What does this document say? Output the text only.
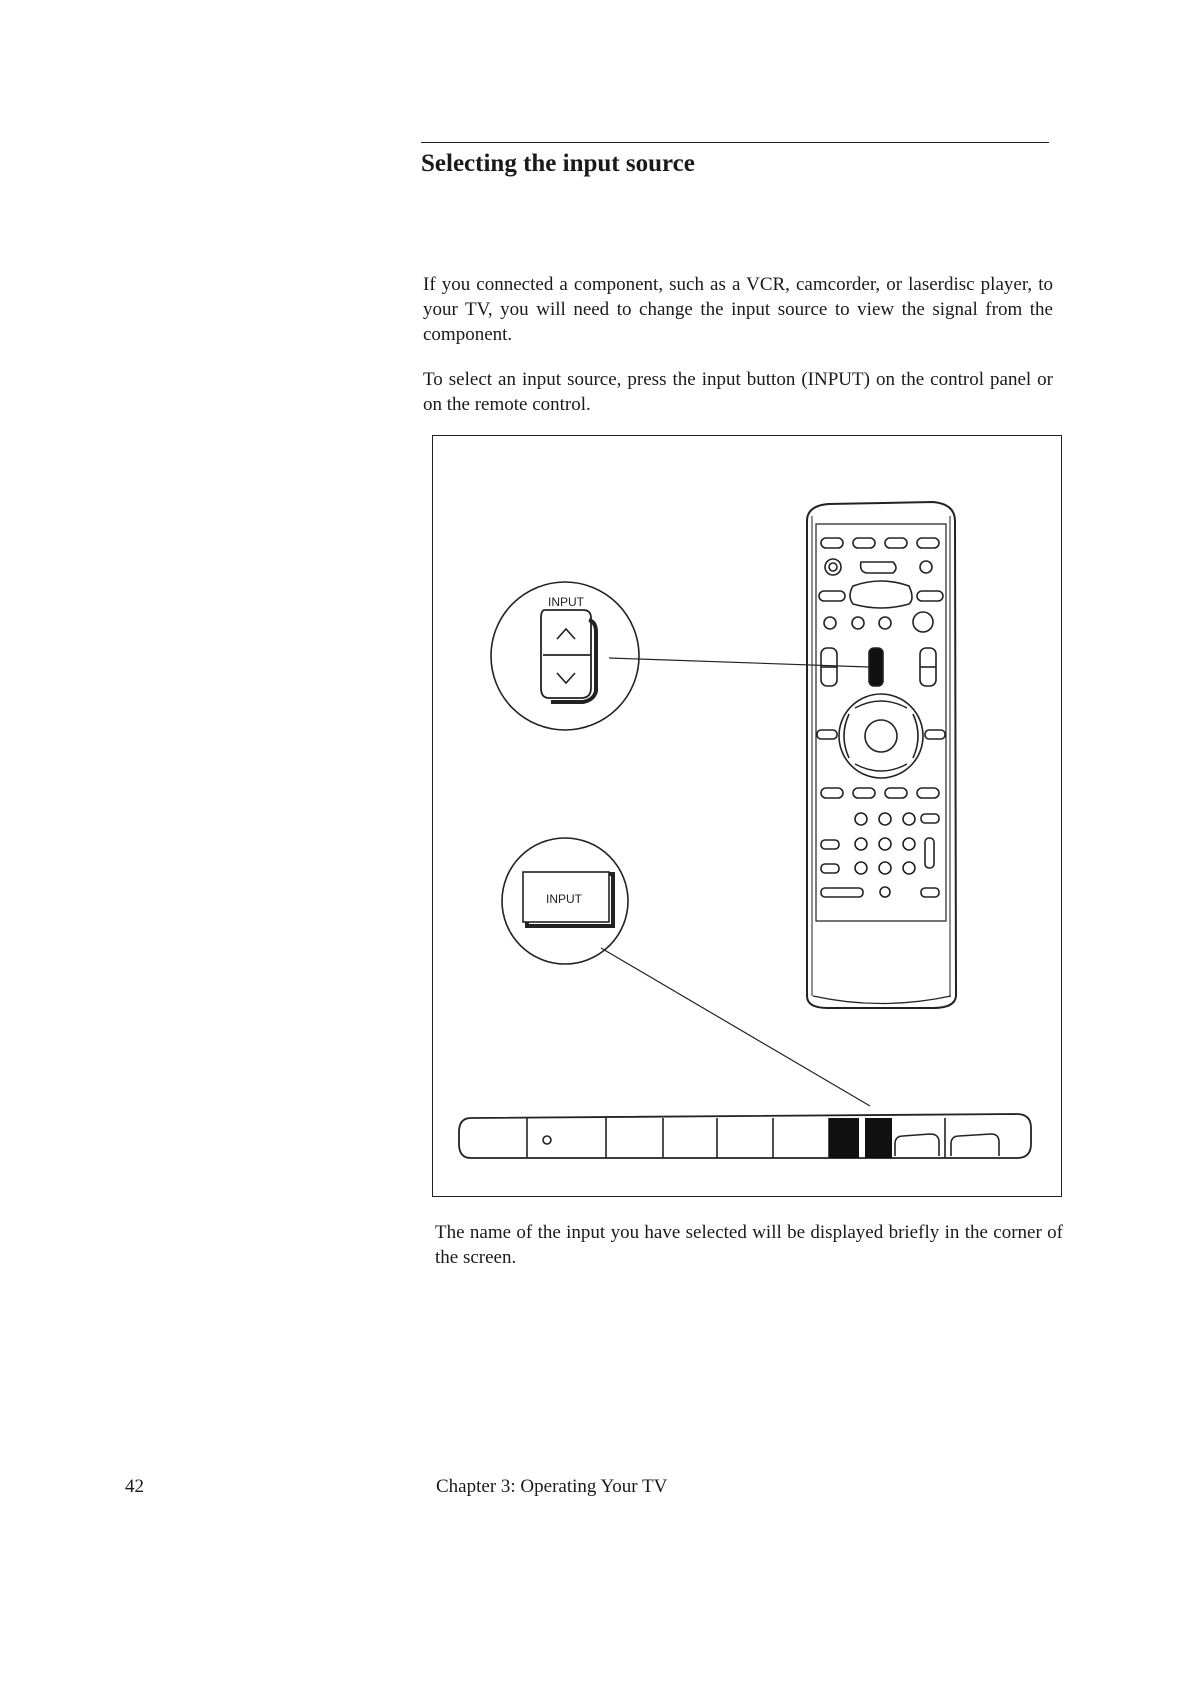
Selecting the input source

If you connected a component, such as a VCR, camcorder, or laserdisc player, to your TV, you will need to change the input source to view the signal from the component.

To select an input source, press the input button (INPUT) on the control panel or on the remote control.

INPUT
INPUT

The name of the input you have selected will be displayed briefly in the corner of the screen.

42	Chapter 3: Operating Your TV
